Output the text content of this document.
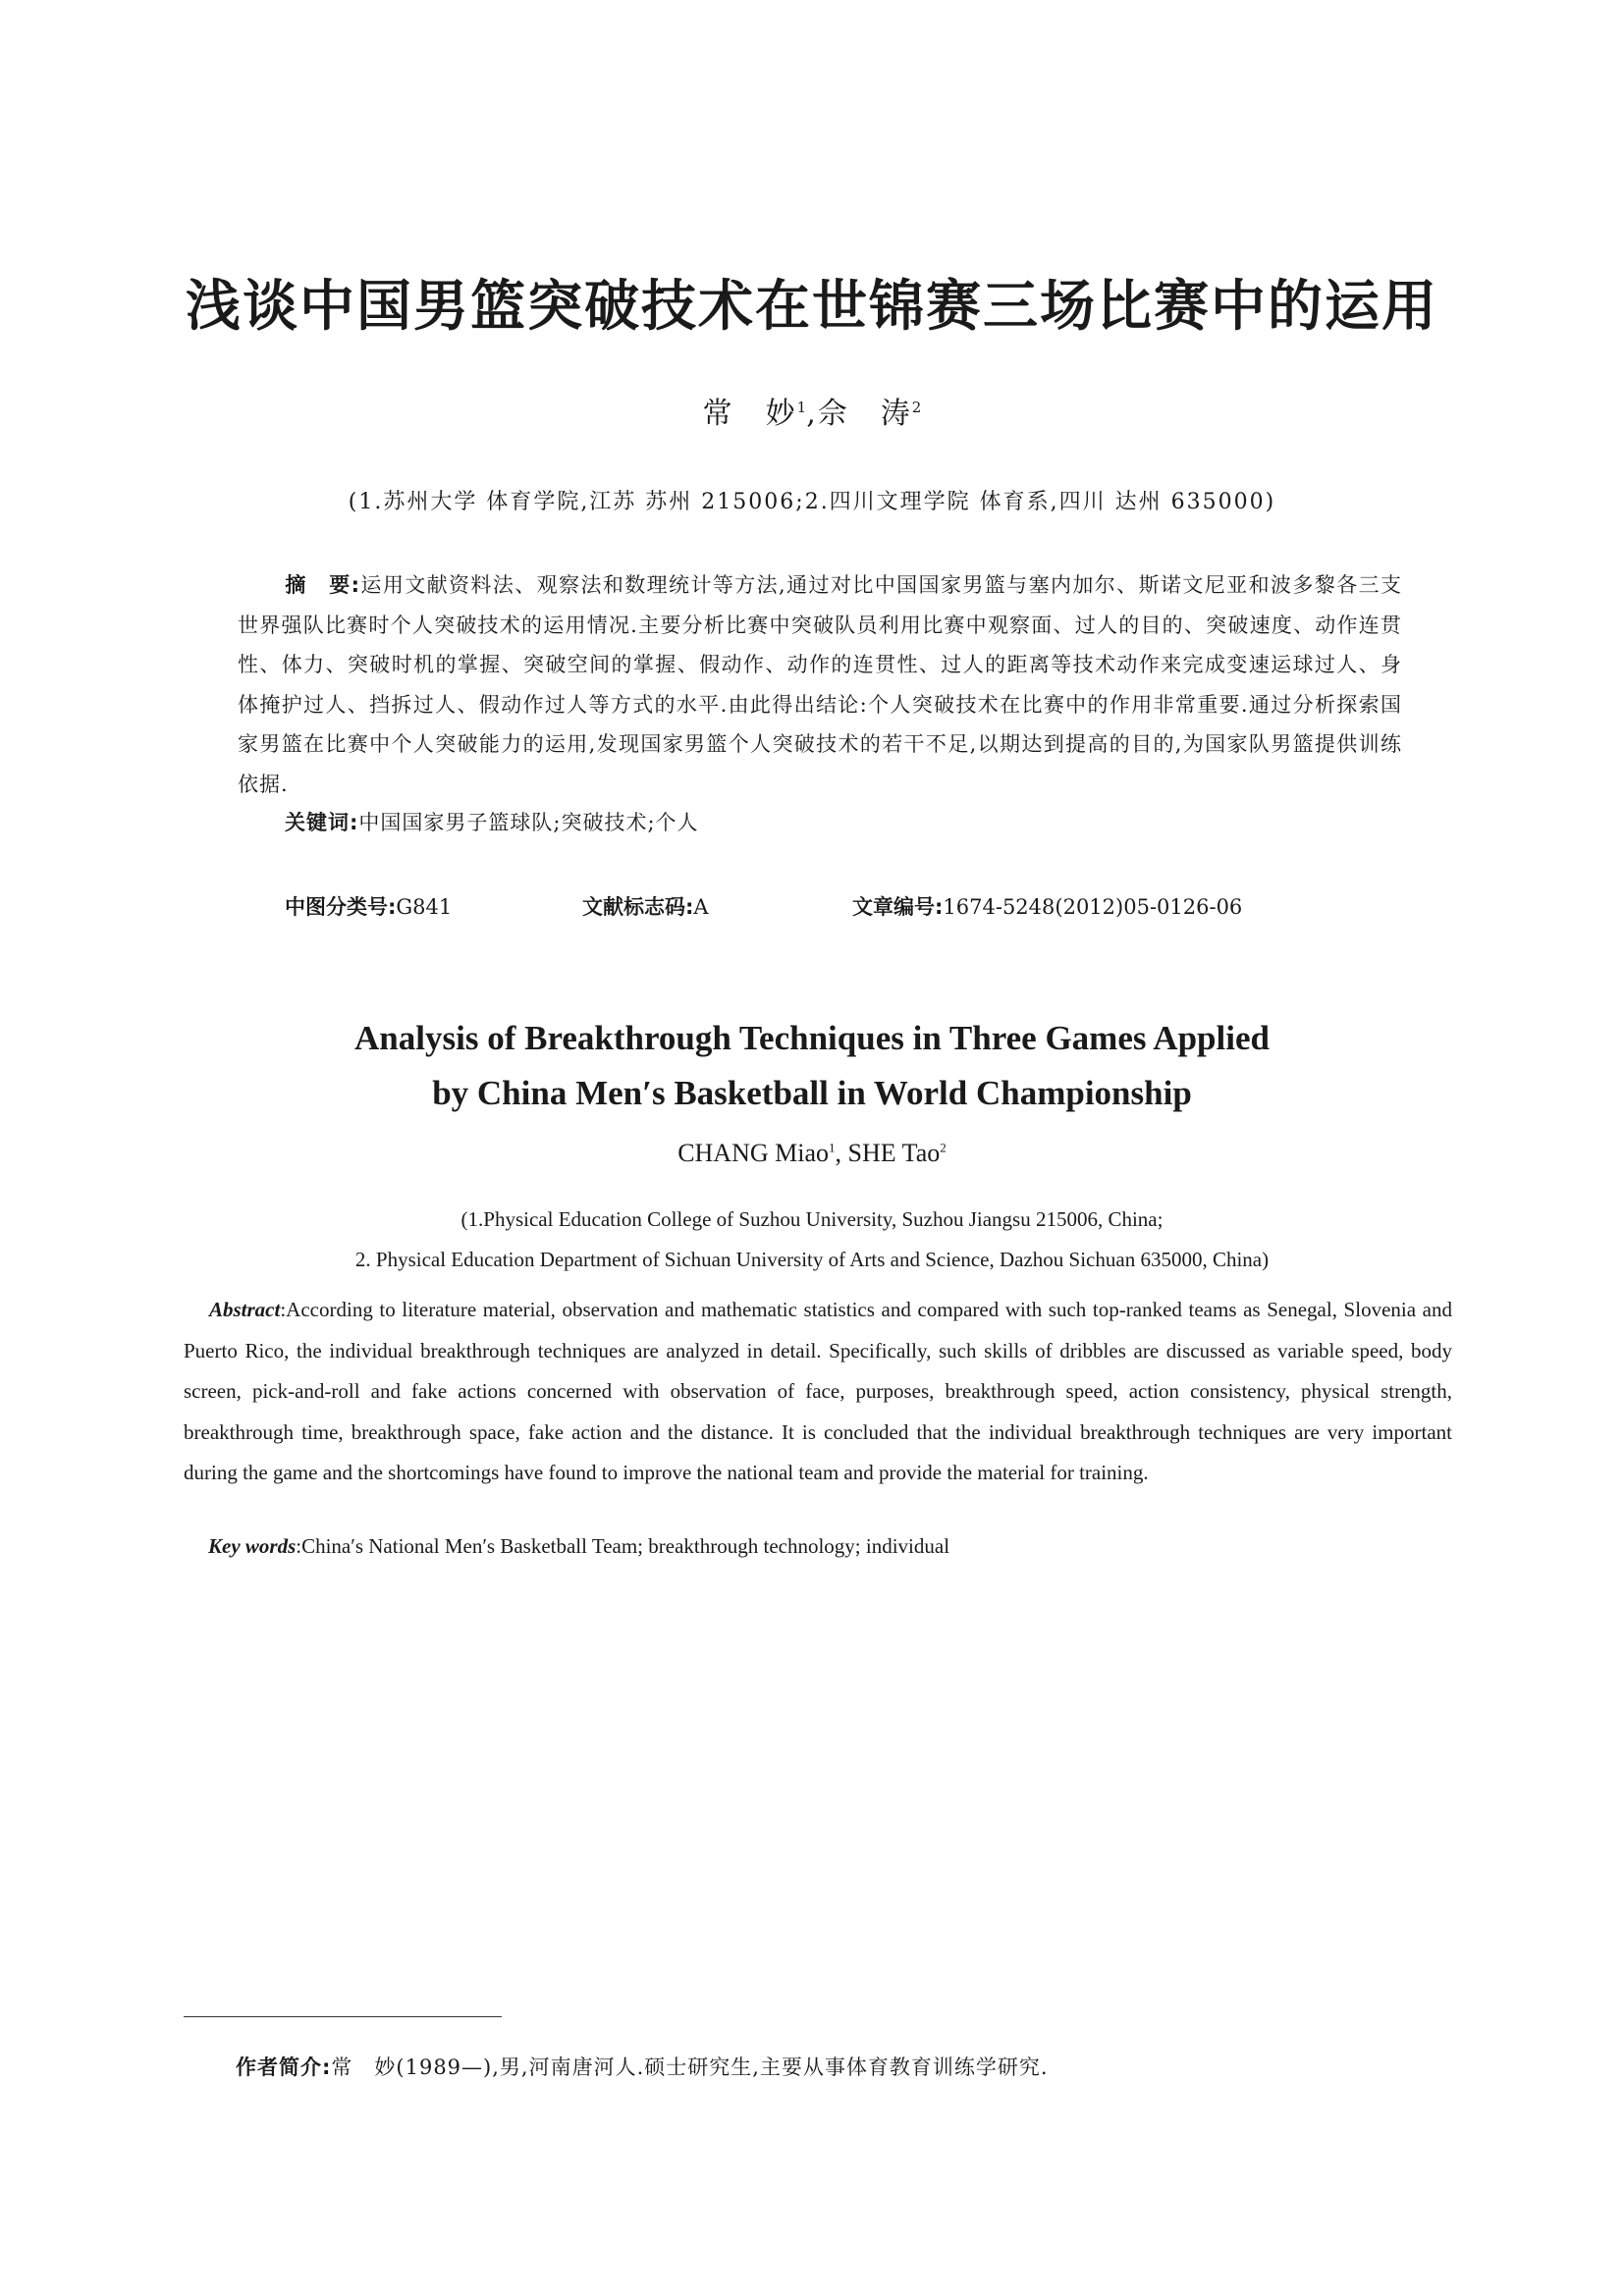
浅谈中国男篮突破技术在世锦赛三场比赛中的运用
常　妙$^1$,佘　涛$^2$
(1.苏州大学 体育学院,江苏 苏州 215006;2.四川文理学院 体育系,四川 达州 635000)
摘　要:运用文献资料法、观察法和数理统计等方法,通过对比中国国家男篮与塞内加尔、斯诺文尼亚和波多黎各三支世界强队比赛时个人突破技术的运用情况.主要分析比赛中突破队员利用比赛中观察面、过人的目的、突破速度、动作连贯性、体力、突破时机的掌握、突破空间的掌握、假动作、动作的连贯性、过人的距离等技术动作来完成变速运球过人、身体掩护过人、挡拆过人、假动作过人等方式的水平.由此得出结论:个人突破技术在比赛中的作用非常重要.通过分析探索国家男篮在比赛中个人突破能力的运用,发现国家男篮个人突破技术的若干不足,以期达到提高的目的,为国家队男篮提供训练依据.
关键词:中国国家男子篮球队;突破技术;个人
中图分类号:G841	文献标志码:A	文章编号:1674-5248(2012)05-0126-06
Analysis of Breakthrough Techniques in Three Games Applied
by China Men′s Basketball in World Championship
CHANG Miao$^1$, SHE Tao$^2$
(1.Physical Education College of Suzhou University, Suzhou Jiangsu 215006, China;
2. Physical Education Department of Sichuan University of Arts and Science, Dazhou Sichuan 635000, China)
Abstract:According to literature material, observation and mathematic statistics and compared with such top-ranked teams as Senegal, Slovenia and Puerto Rico, the individual breakthrough techniques are analyzed in detail. Specifically, such skills of dribbles are discussed as variable speed, body screen, pick-and-roll and fake actions concerned with observation of face, purposes, breakthrough speed, action consistency, physical strength, breakthrough time, breakthrough space, fake action and the distance. It is concluded that the individual breakthrough techniques are very important during the game and the shortcomings have found to improve the national team and provide the material for training.
Key words:China′s National Men′s Basketball Team; breakthrough technology; individual
作者简介:常　妙(1989—),男,河南唐河人.硕士研究生,主要从事体育教育训练学研究.
